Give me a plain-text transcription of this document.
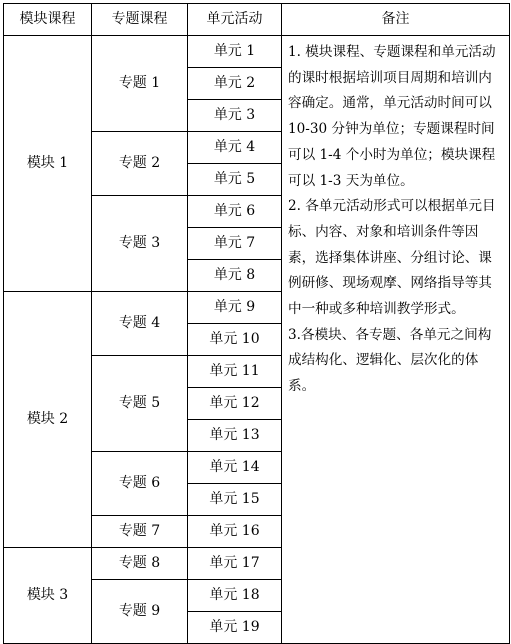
模块课程	专题课程	单元活动	备注
模块 1	专题 1	单元 1	1. 模块课程、专题课程和单元活动的课时根据培训项目周期和培训内容确定。通常，单元活动时间可以 10-30 分钟为单位；专题课程时间可以 1-4 个小时为单位；模块课程可以 1-3 天为单位。

2. 各单元活动形式可以根据单元目标、内容、对象和培训条件等因素，选择集体讲座、分组讨论、课例研修、现场观摩、网络指导等其中一种或多种培训教学形式。

3.各模块、各专题、各单元之间构成结构化、逻辑化、层次化的体系。

		单元 2	
		单元 3	
	专题 2	单元 4	
		单元 5	
	专题 3	单元 6	
		单元 7	
		单元 8	
模块 2	专题 4	单元 9	
		单元 10	
	专题 5	单元 11	
		单元 12	
		单元 13	
	专题 6	单元 14	
		单元 15	
	专题 7	单元 16	
模块 3	专题 8	单元 17	
	专题 9	单元 18	
		单元 19	
